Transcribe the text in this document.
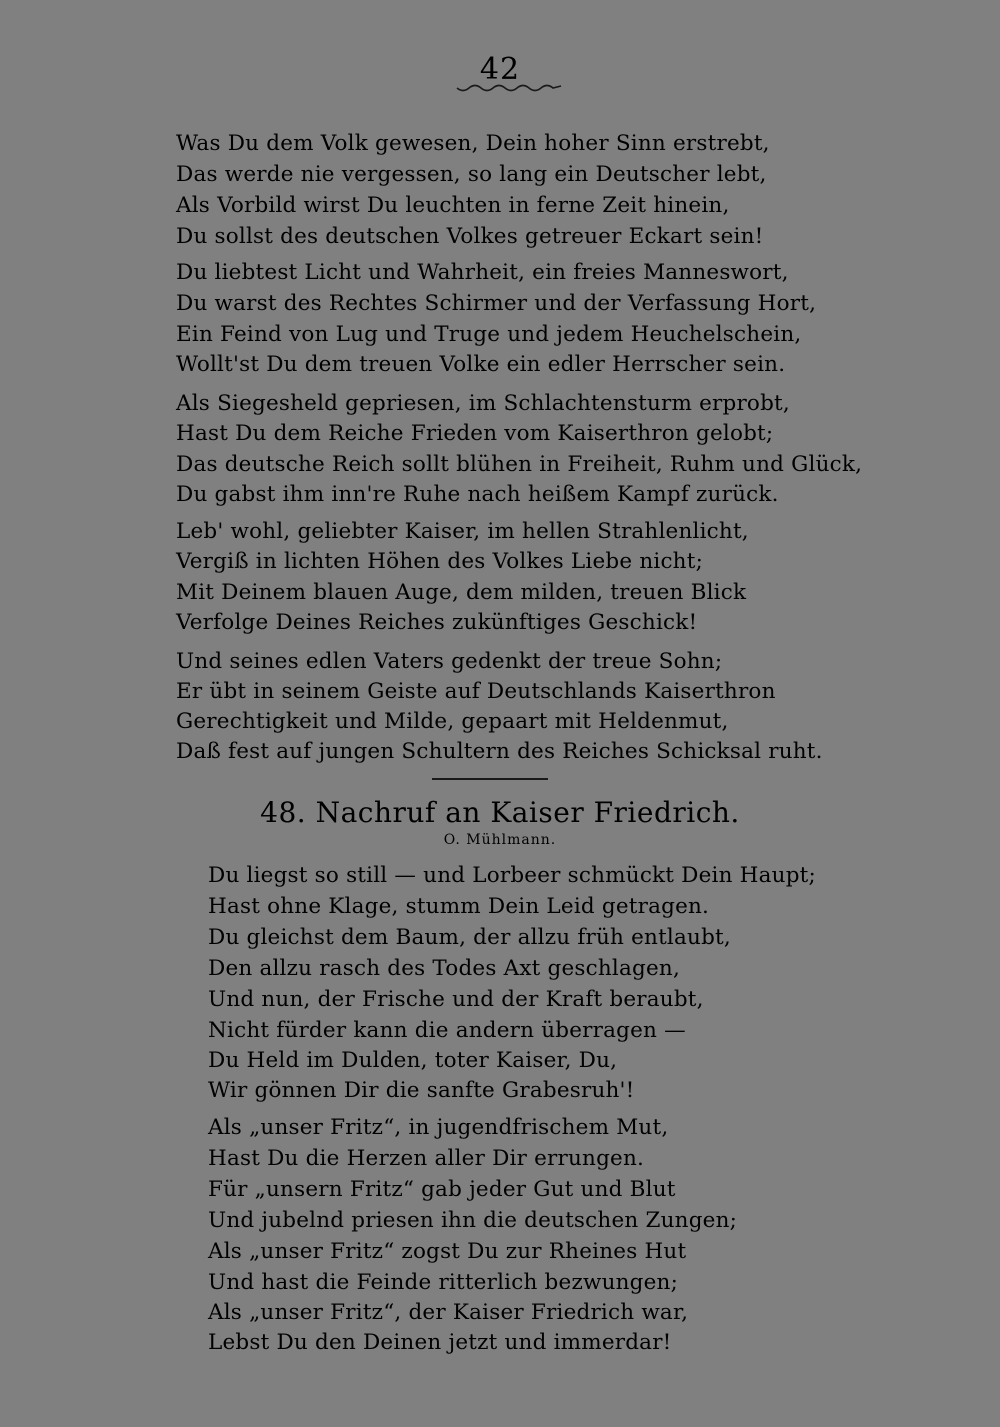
42
Was Du dem Volk gewesen, Dein hoher Sinn erstrebt,
Das werde nie vergessen, so lang ein Deutscher lebt,
Als Vorbild wirst Du leuchten in ferne Zeit hinein,
Du sollst des deutschen Volkes getreuer Eckart sein!
Du liebtest Licht und Wahrheit, ein freies Manneswort,
Du warst des Rechtes Schirmer und der Verfassung Hort,
Ein Feind von Lug und Truge und jedem Heuchelschein,
Wollt'st Du dem treuen Volke ein edler Herrscher sein.
Als Siegesheld gepriesen, im Schlachtensturm erprobt,
Hast Du dem Reiche Frieden vom Kaiserthron gelobt;
Das deutsche Reich sollt blühen in Freiheit, Ruhm und Glück,
Du gabst ihm inn're Ruhe nach heißem Kampf zurück.
Leb' wohl, geliebter Kaiser, im hellen Strahlenlicht,
Vergiß in lichten Höhen des Volkes Liebe nicht;
Mit Deinem blauen Auge, dem milden, treuen Blick
Verfolge Deines Reiches zukünftiges Geschick!
Und seines edlen Vaters gedenkt der treue Sohn;
Er übt in seinem Geiste auf Deutschlands Kaiserthron
Gerechtigkeit und Milde, gepaart mit Heldenmut,
Daß fest auf jungen Schultern des Reiches Schicksal ruht.
48. Nachruf an Kaiser Friedrich.
O. Mühlmann.
Du liegst so still — und Lorbeer schmückt Dein Haupt;
Hast ohne Klage, stumm Dein Leid getragen.
Du gleichst dem Baum, der allzu früh entlaubt,
Den allzu rasch des Todes Axt geschlagen,
Und nun, der Frische und der Kraft beraubt,
Nicht fürder kann die andern überragen —
Du Held im Dulden, toter Kaiser, Du,
Wir gönnen Dir die sanfte Grabesruh'!
Als „unser Fritz“, in jugendfrischem Mut,
Hast Du die Herzen aller Dir errungen.
Für „unsern Fritz“ gab jeder Gut und Blut
Und jubelnd priesen ihn die deutschen Zungen;
Als „unser Fritz“ zogst Du zur Rheines Hut
Und hast die Feinde ritterlich bezwungen;
Als „unser Fritz“, der Kaiser Friedrich war,
Lebst Du den Deinen jetzt und immerdar!
